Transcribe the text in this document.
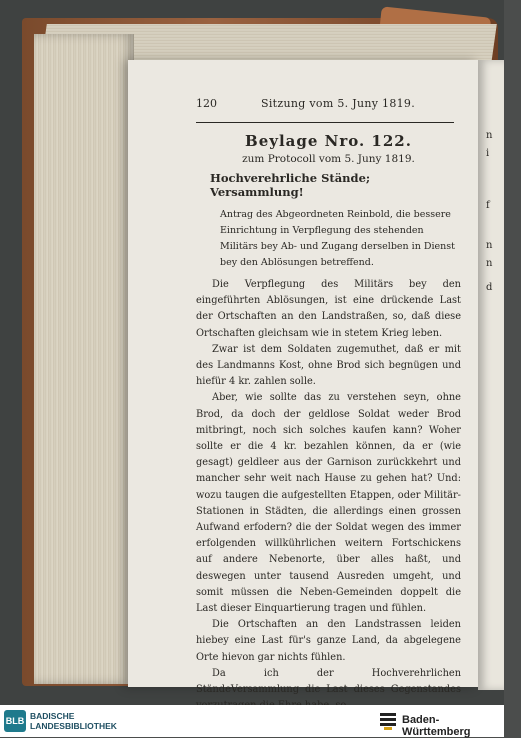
n
i
f
n
n
d
120	Sitzung vom 5. Juny 1819.
Beylage Nro. 122.
zum Protocoll vom 5. Juny 1819.
Hochverehrliche Stände; Versammlung!
Antrag des Abgeordneten Reinbold, die bessere Einrichtung in Verpflegung des stehenden Militärs bey Ab- und Zugang derselben in Dienst bey den Ablösungen betreffend.

Die Verpflegung des Militärs bey den eingeführten Ablösungen, ist eine drückende Last der Ortschaften an den Landstraßen, so, daß diese Ortschaften gleichsam wie in stetem Krieg leben.

Zwar ist dem Soldaten zugemuthet, daß er mit des Landmanns Kost, ohne Brod sich begnügen und hiefür 4 kr. zahlen solle.

Aber, wie sollte das zu verstehen seyn, ohne Brod, da doch der geldlose Soldat weder Brod mitbringt, noch sich solches kaufen kann? Woher sollte er die 4 kr. bezahlen können, da er (wie gesagt) geldleer aus der Garnison zurückkehrt und mancher sehr weit nach Hause zu gehen hat? Und: wozu taugen die aufgestellten Etappen, oder Militär-Stationen in Städten, die allerdings einen grossen Aufwand erfodern? die der Soldat wegen des immer erfolgenden willkührlichen weitern Fortschickens auf andere Nebenorte, über alles haßt, und deswegen unter tausend Ausreden umgeht, und somit müssen die Neben-Gemeinden doppelt die Last dieser Einquartierung tragen und fühlen.

Die Ortschaften an den Landstrassen leiden hiebey eine Last für's ganze Land, da abgelegene Orte hievon gar nichts fühlen.

Da ich der Hochverehrlichen StändeVersammlung die Last dieses Gegenstandes

BLB BADISCHE
LANDESBIBLIOTHEK	Baden-Württemberg
